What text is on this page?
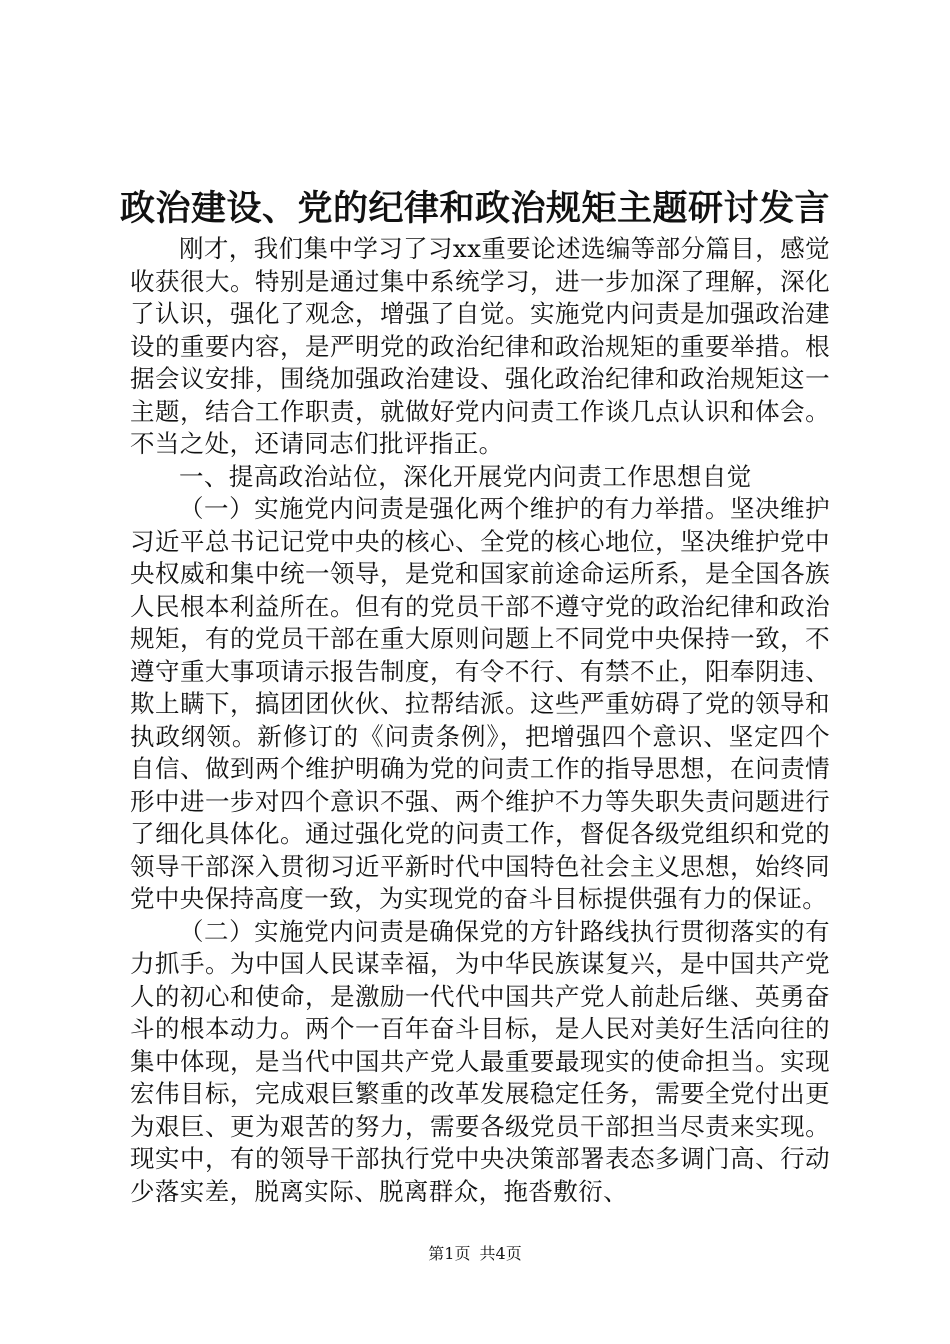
政治建设、党的纪律和政治规矩主题研讨发言

刚才，我们集中学习了习xx重要论述选编等部分篇目，感觉收获很大。特别是通过集中系统学习，进一步加深了理解，深化了认识，强化了观念，增强了自觉。实施党内问责是加强政治建设的重要内容，是严明党的政治纪律和政治规矩的重要举措。根据会议安排，围绕加强政治建设、强化政治纪律和政治规矩这一主题，结合工作职责，就做好党内问责工作谈几点认识和体会。不当之处，还请同志们批评指正。

一、提高政治站位，深化开展党内问责工作思想自觉

（一）实施党内问责是强化两个维护的有力举措。坚决维护习近平总书记记党中央的核心、全党的核心地位，坚决维护党中央权威和集中统一领导，是党和国家前途命运所系，是全国各族人民根本利益所在。但有的党员干部不遵守党的政治纪律和政治规矩，有的党员干部在重大原则问题上不同党中央保持一致，不遵守重大事项请示报告制度，有令不行、有禁不止，阳奉阴违、欺上瞒下，搞团团伙伙、拉帮结派。这些严重妨碍了党的领导和执政纲领。新修订的《问责条例》，把增强四个意识、坚定四个自信、做到两个维护明确为党的问责工作的指导思想，在问责情形中进一步对四个意识不强、两个维护不力等失职失责问题进行了细化具体化。通过强化党的问责工作，督促各级党组织和党的领导干部深入贯彻习近平新时代中国特色社会主义思想，始终同党中央保持高度一致，为实现党的奋斗目标提供强有力的保证。

（二）实施党内问责是确保党的方针路线执行贯彻落实的有力抓手。为中国人民谋幸福，为中华民族谋复兴，是中国共产党人的初心和使命，是激励一代代中国共产党人前赴后继、英勇奋斗的根本动力。两个一百年奋斗目标，是人民对美好生活向往的集中体现，是当代中国共产党人最重要最现实的使命担当。实现宏伟目标，完成艰巨繁重的改革发展稳定任务，需要全党付出更为艰巨、更为艰苦的努力，需要各级党员干部担当尽责来实现。现实中，有的领导干部执行党中央决策部署表态多调门高、行动少落实差，脱离实际、脱离群众，拖沓敷衍、

第1页 共4页
